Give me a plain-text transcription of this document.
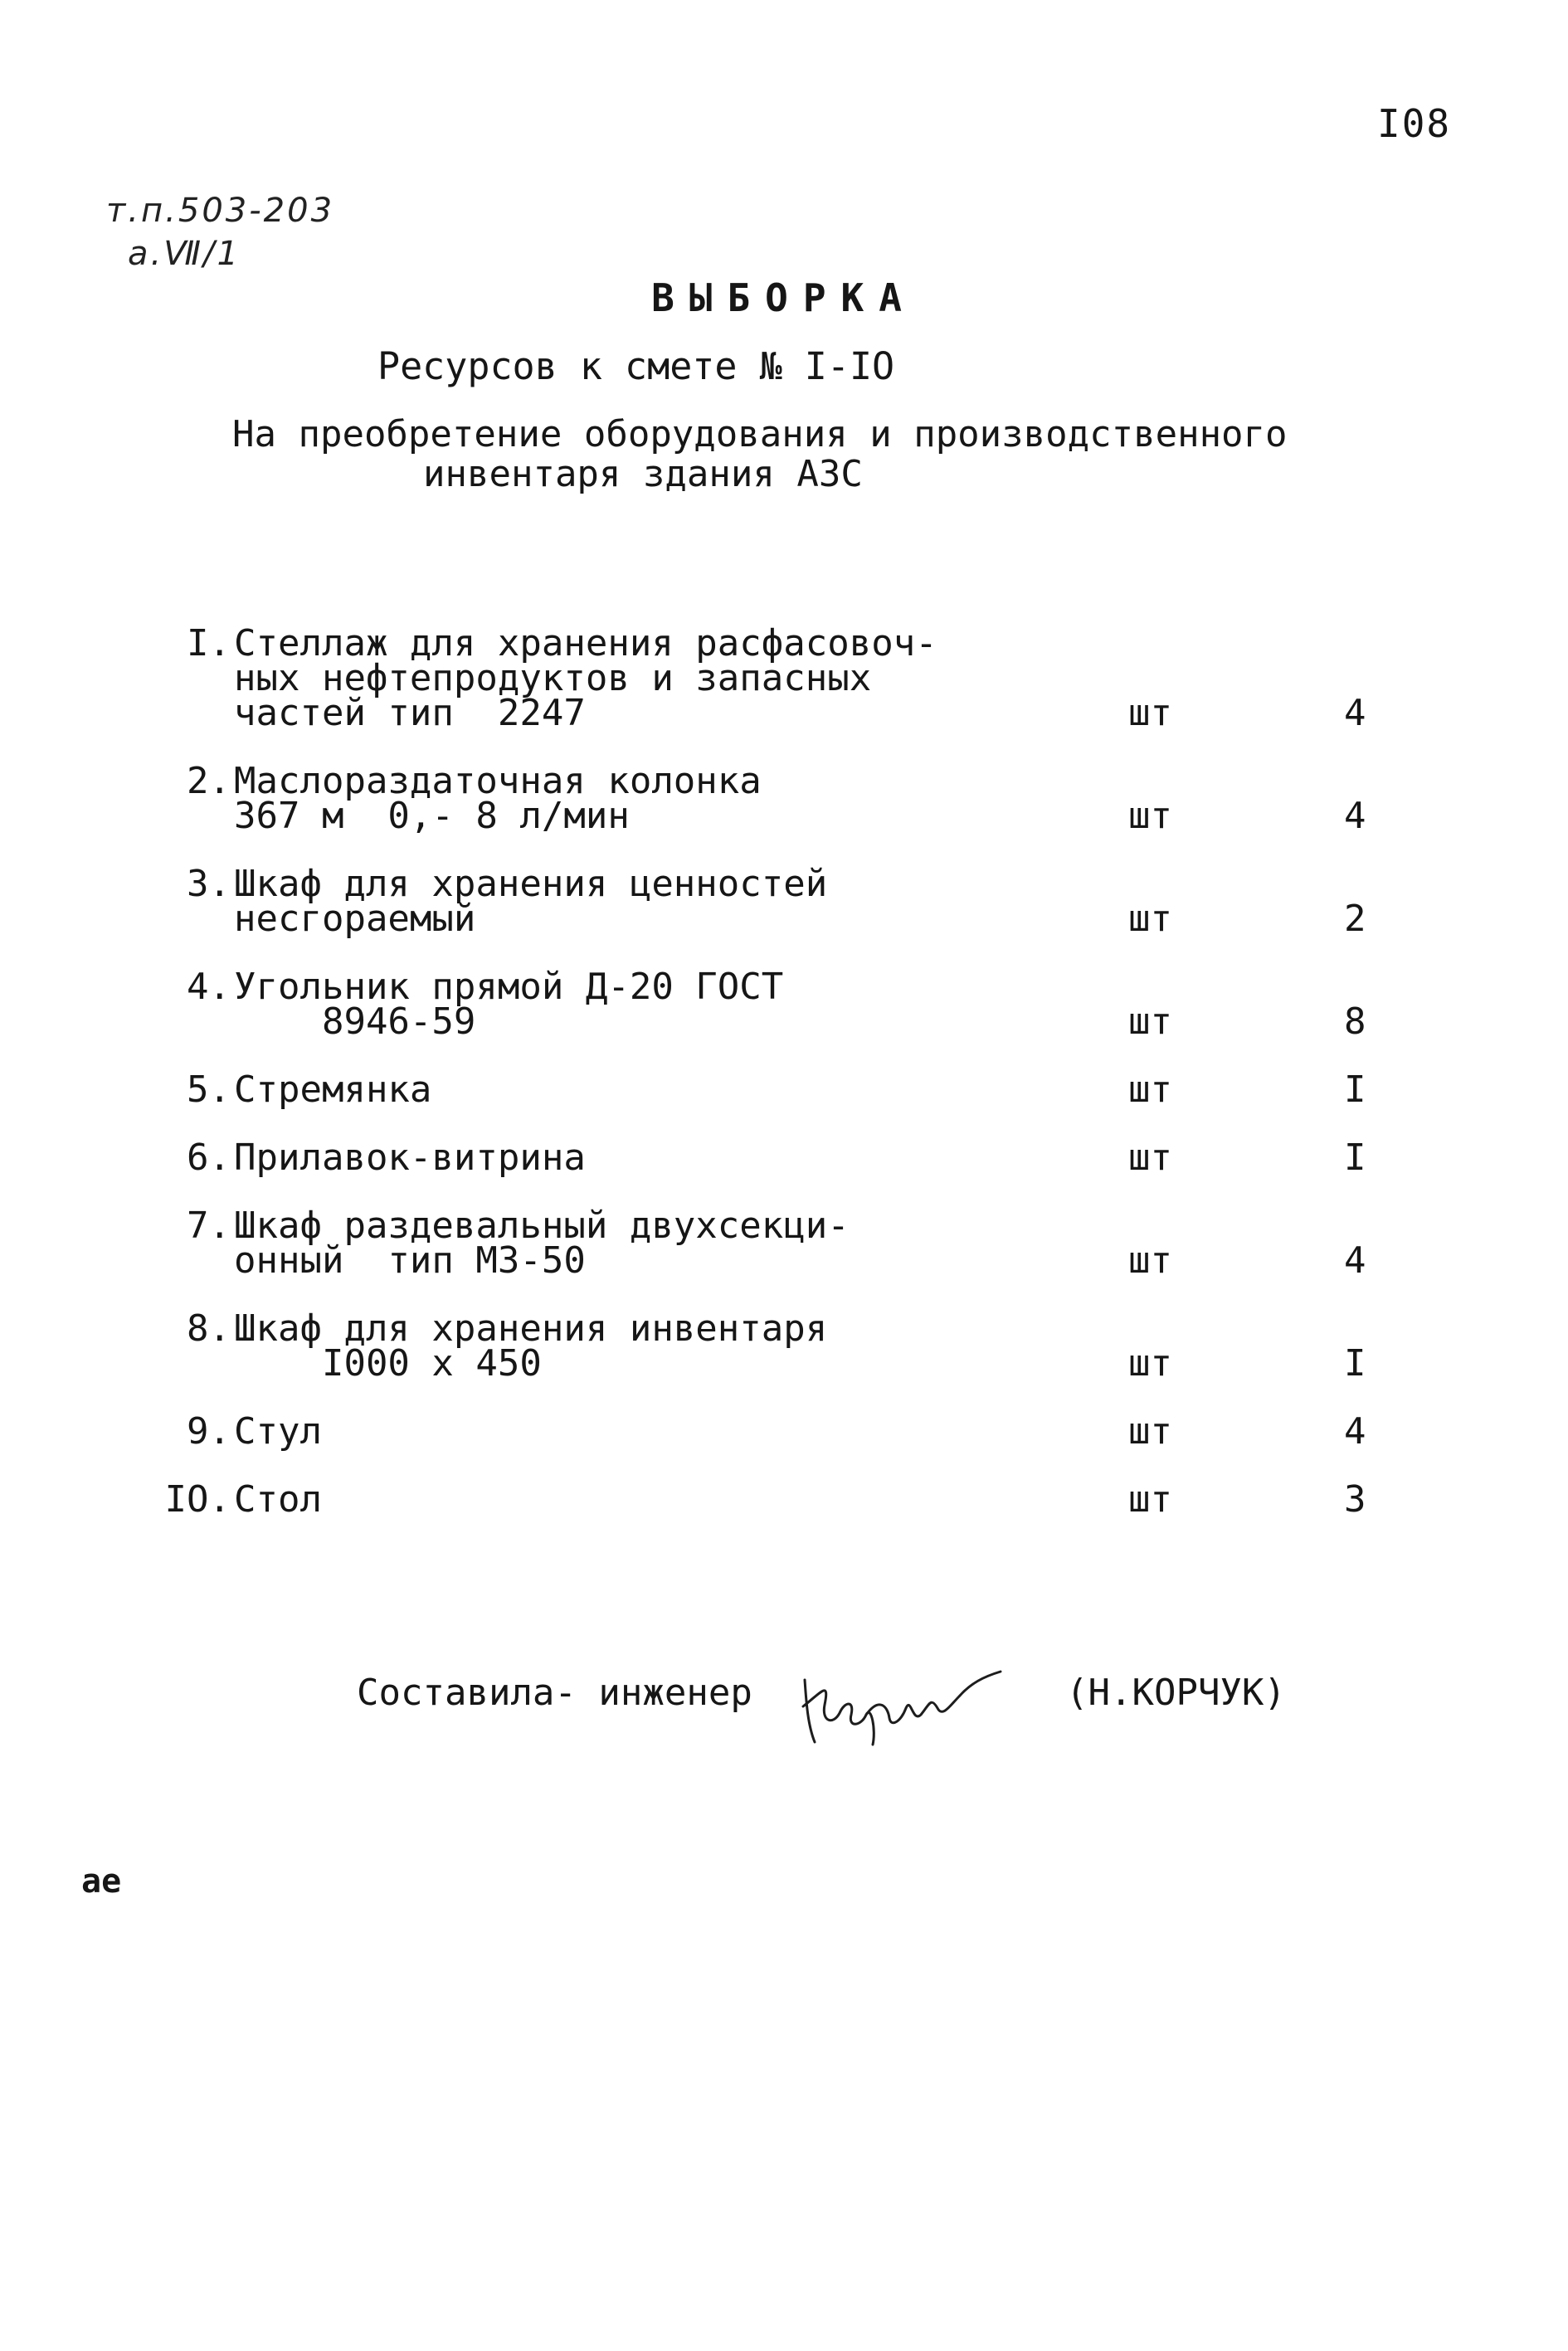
I08
т.п.503-203
а.Ⅶ/1
ВЫБОРКА
Ресурсов к смете № I-IO
На преобретение оборудования и производственного
инвентаря здания АЗС
I. Стеллаж для хранения расфасовоч-
ных нефтепродуктов и запасных
частей тип  2247	шт	4
2. Маслораздаточная колонка
367 м  0,- 8 л/мин	шт	4
3. Шкаф для хранения ценностей
несгораемый	шт	2
4. Угольник прямой Д-20 ГОСТ
8946-59	шт	8
5. Стремянка	шт	I
6. Прилавок-витрина	шт	I
7. Шкаф раздевальный двухсекци-
онный  тип МЗ-50	шт	4
8. Шкаф для хранения инвентаря
I000 х 450	шт	I
9. Стул	шт	4
IO. Стол	шт	3
Составила- инженер	(Н.КОРЧУК)
ae
